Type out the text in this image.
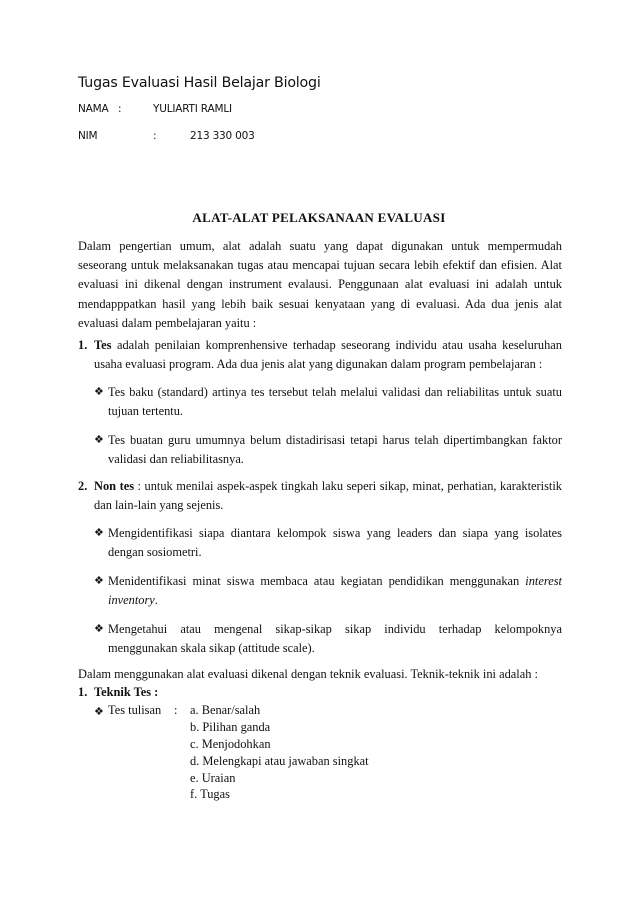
Tugas Evaluasi Hasil Belajar Biologi
NAMA :	YULIARTI RAMLI
NIM	:	213 330 003
ALAT-ALAT PELAKSANAAN EVALUASI
Dalam pengertian umum, alat adalah suatu yang dapat digunakan untuk mempermudah seseorang untuk melaksanakan tugas atau mencapai tujuan secara lebih efektif dan efisien. Alat evaluasi ini dikenal dengan instrument evalausi. Penggunaan alat evaluasi ini adalah untuk mendapppatkan hasil yang lebih baik sesuai kenyataan yang di evaluasi. Ada dua jenis alat evaluasi dalam pembelajaran yaitu :
1. Tes adalah penilaian komprenhensive terhadap seseorang individu atau usaha keseluruhan usaha evaluasi program. Ada dua jenis alat yang digunakan dalam program pembelajaran :
❖ Tes baku (standard) artinya tes tersebut telah melalui validasi dan reliabilitas untuk suatu tujuan tertentu.
❖ Tes buatan guru umumnya belum distadirisasi tetapi harus telah dipertimbangkan faktor validasi dan reliabilitasnya.
2. Non tes : untuk menilai aspek-aspek tingkah laku seperi sikap, minat, perhatian, karakteristik dan lain-lain yang sejenis.
❖ Mengidentifikasi siapa diantara kelompok siswa yang leaders dan siapa yang isolates dengan sosiometri.
❖ Menidentifikasi minat siswa membaca atau kegiatan pendidikan menggunakan interest inventory.
❖ Mengetahui atau mengenal sikap-sikap sikap individu terhadap kelompoknya menggunakan skala sikap (attitude scale).
Dalam menggunakan alat evaluasi dikenal dengan teknik evaluasi. Teknik-teknik ini adalah :
1. Teknik Tes :
❖ Tes tulisan : a. Benar/salah
b. Pilihan ganda
c. Menjodohkan
d. Melengkapi atau jawaban singkat
e. Uraian
f. Tugas
